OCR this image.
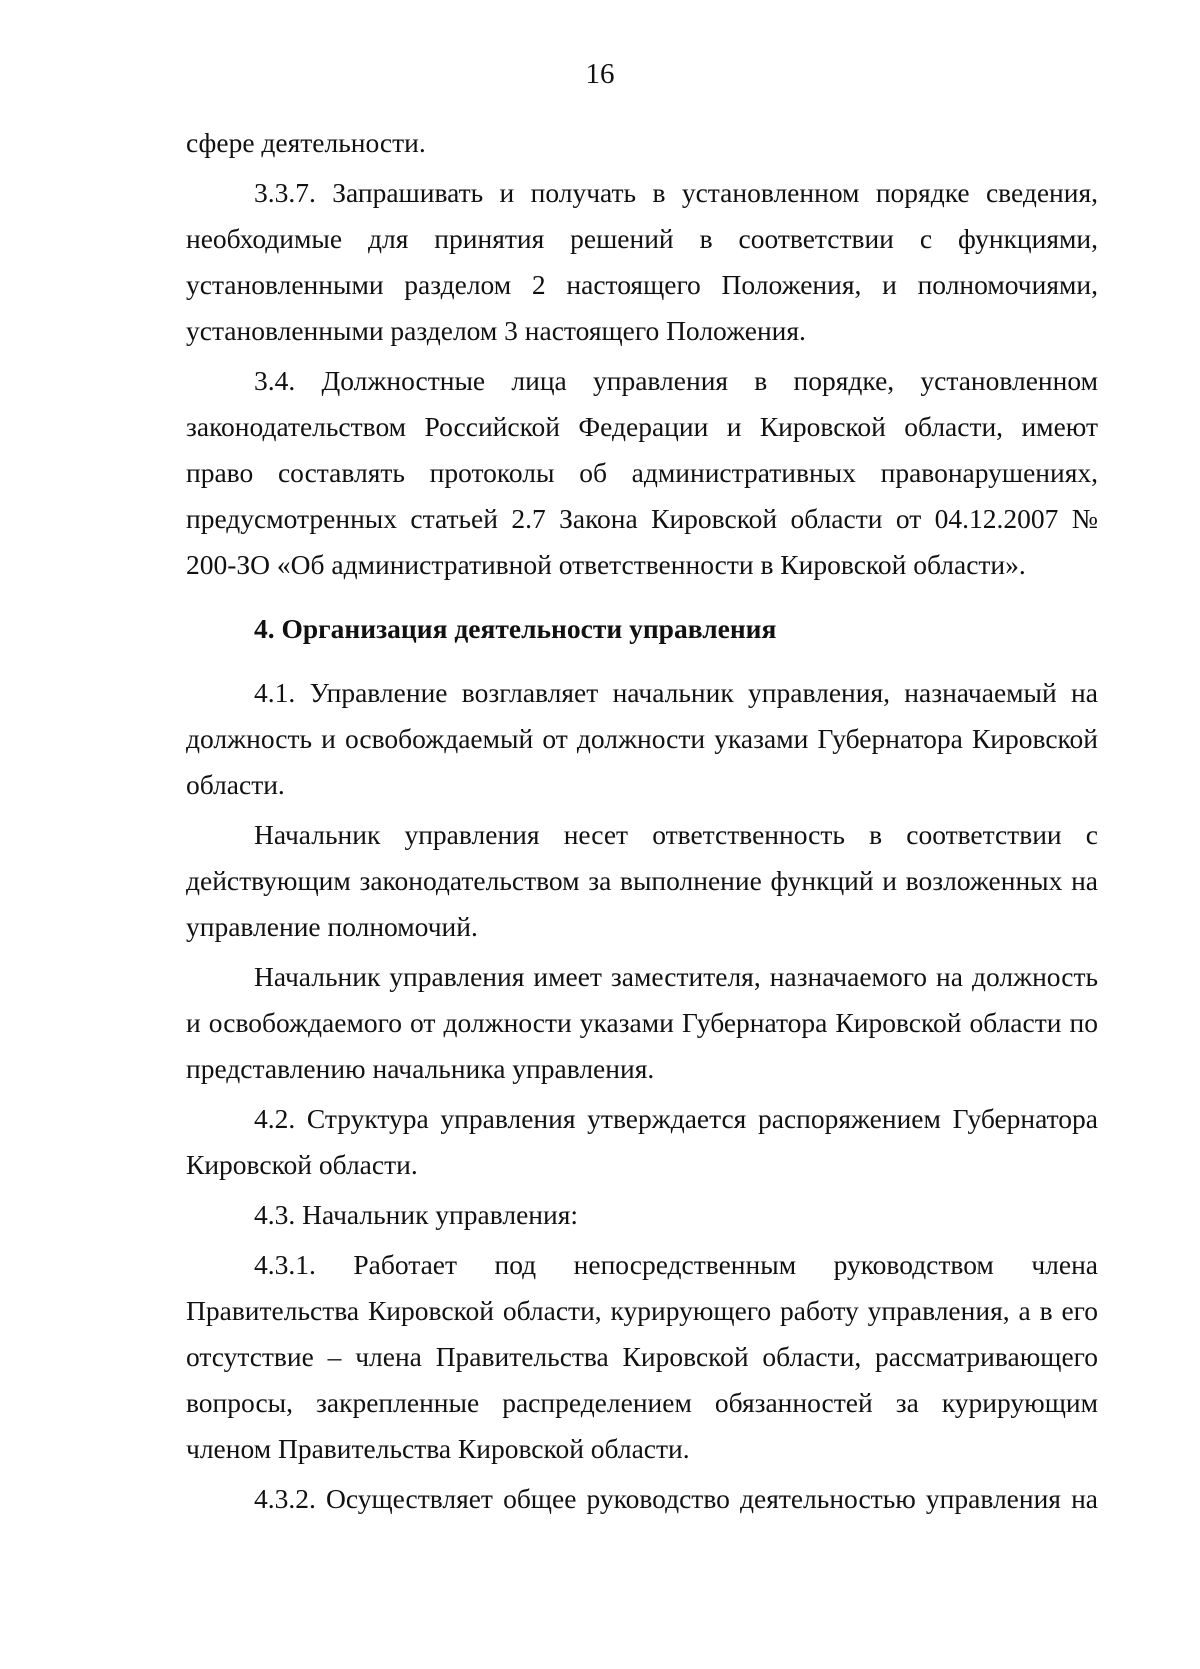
16

сфере деятельности.

3.3.7. Запрашивать и получать в установленном порядке сведения, необходимые для принятия решений в соответствии с функциями, установленными разделом 2 настоящего Положения, и полномочиями, установленными разделом 3 настоящего Положения.

3.4. Должностные лица управления в порядке, установленном законодательством Российской Федерации и Кировской области, имеют право составлять протоколы об административных правонарушениях, предусмотренных статьей 2.7 Закона Кировской области от 04.12.2007 № 200-ЗО «Об административной ответственности в Кировской области».

4. Организация деятельности управления

4.1. Управление возглавляет начальник управления, назначаемый на должность и освобождаемый от должности указами Губернатора Кировской области.

Начальник управления несет ответственность в соответствии с действующим законодательством за выполнение функций и возложенных на управление полномочий.

Начальник управления имеет заместителя, назначаемого на должность и освобождаемого от должности указами Губернатора Кировской области по представлению начальника управления.

4.2. Структура управления утверждается распоряжением Губернатора Кировской области.

4.3. Начальник управления:

4.3.1. Работает под непосредственным руководством члена Правительства Кировской области, курирующего работу управления, а в его отсутствие – члена Правительства Кировской области, рассматривающего вопросы, закрепленные распределением обязанностей за курирующим членом Правительства Кировской области.

4.3.2. Осуществляет общее руководство деятельностью управления на
